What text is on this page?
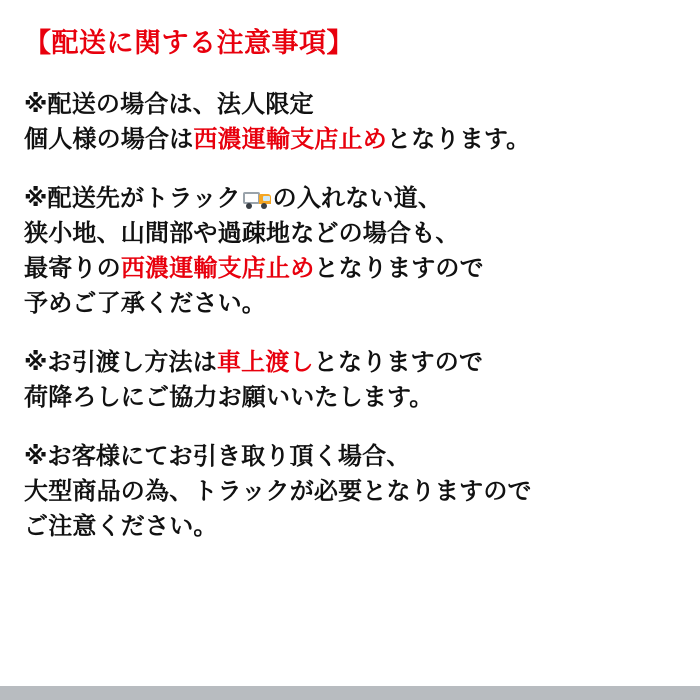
【配送に関する注意事項】
※配送の場合は、法人限定
個人様の場合は西濃運輸支店止めとなります。
※配送先がトラック の入れない道、
狭小地、山間部や過疎地などの場合も、
最寄りの西濃運輸支店止めとなりますので
予めご了承ください。
※お引渡し方法は車上渡しとなりますので
荷降ろしにご協力お願いいたします。
※お客様にてお引き取り頂く場合、
大型商品の為、トラックが必要となりますので
ご注意ください。
